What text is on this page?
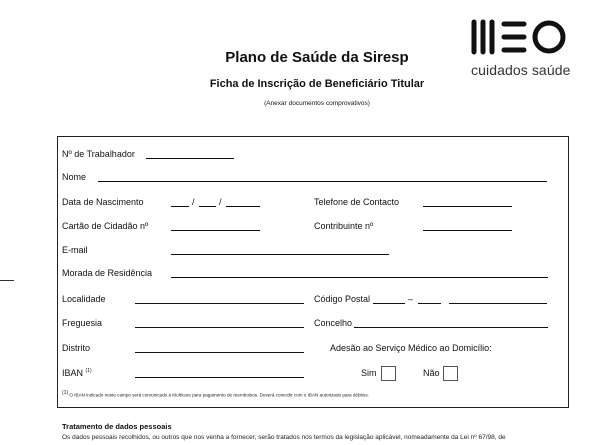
Plano de Saúde da Siresp
Ficha de Inscrição de Beneficiário Titular
(Anexar documentos comprovativos)
cuidados saúde
Nº de Trabalhador
Nome
Data de Nascimento	/	/	Telefone de Contacto
Cartão de Cidadão nº	Contribuinte nº
E-mail
Morada de Residência
Localidade	Código Postal	–
Freguesia	Concelho
Distrito	Adesão ao Serviço Médico ao Domicílio:
IBAN $^{(1)}$	Sim	Não
(1) O IBAN indicado neste campo será comunicado à Multicare para pagamento de reembolsos. Deverá coincidir com o IBAN autorizado para débitos.
Tratamento de dados pessoais
Os dados pessoais recolhidos, ou outros que nos venha a fornecer, serão tratados nos termos da legislação aplicável, nomeadamente da Lei nº 67/98, de
